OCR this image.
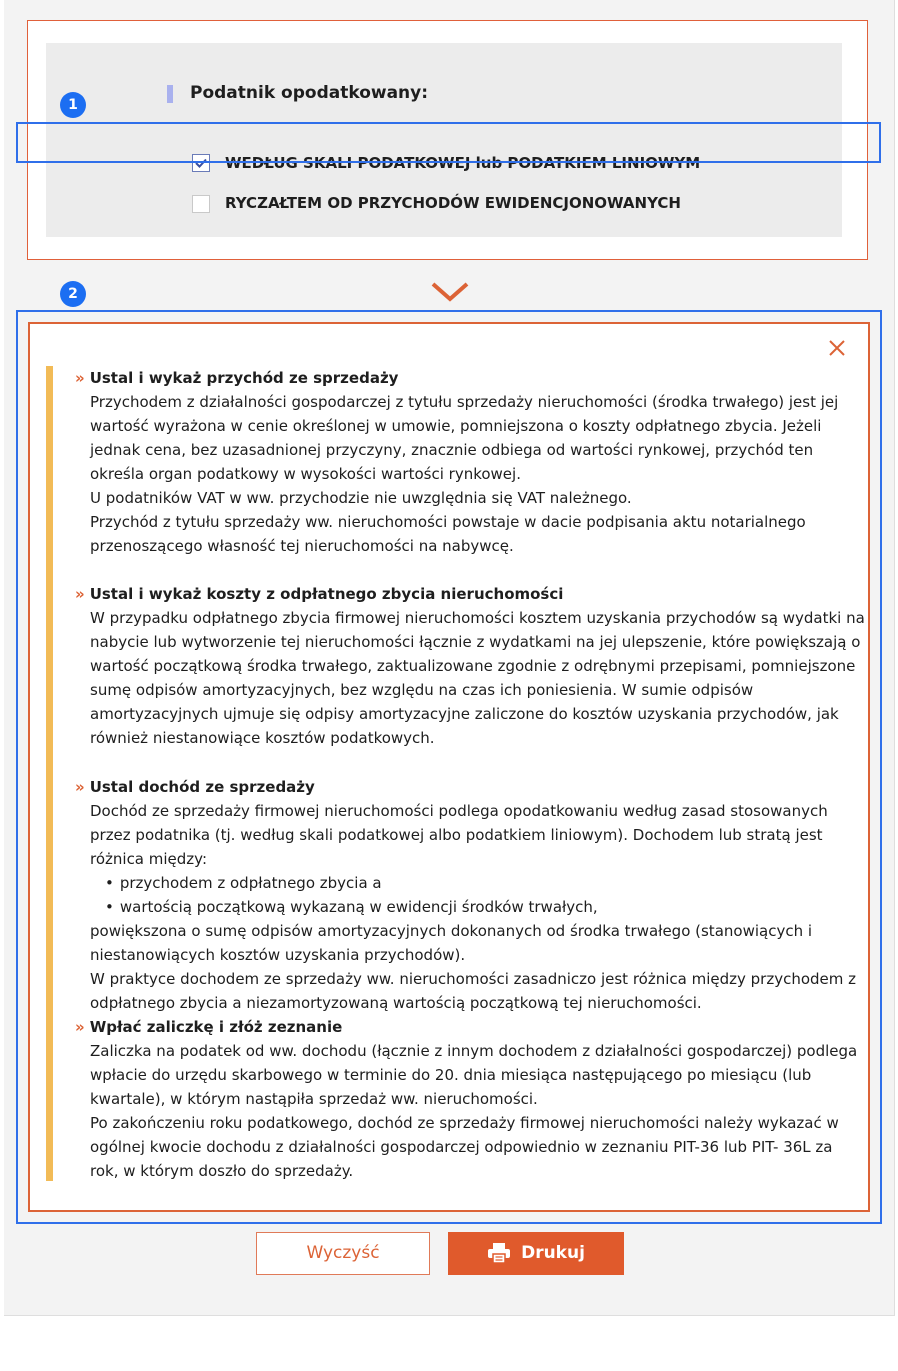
Podatnik opodatkowany:
WEDŁUG SKALI PODATKOWEJ lub PODATKIEM LINIOWYM
RYCZAŁTEM OD PRZYCHODÓW EWIDENCJONOWANYCH
1
2
» Ustal i wykaż przychód ze sprzedaży

Przychodem z działalności gospodarczej z tytułu sprzedaży nieruchomości (środka trwałego) jest jej wartość wyrażona w cenie określonej w umowie, pomniejszona o koszty odpłatnego zbycia. Jeżeli jednak cena, bez uzasadnionej przyczyny, znacznie odbiega od wartości rynkowej, przychód ten określa organ podatkowy w wysokości wartości rynkowej.

U podatników VAT w ww. przychodzie nie uwzględnia się VAT należnego.

Przychód z tytułu sprzedaży ww. nieruchomości powstaje w dacie podpisania aktu notarialnego przenoszącego własność tej nieruchomości na nabywcę.

» Ustal i wykaż koszty z odpłatnego zbycia nieruchomości

W przypadku odpłatnego zbycia firmowej nieruchomości kosztem uzyskania przychodów są wydatki na nabycie lub wytworzenie tej nieruchomości łącznie z wydatkami na jej ulepszenie, które powiększają o wartość początkową środka trwałego, zaktualizowane zgodnie z odrębnymi przepisami, pomniejszone sumę odpisów amortyzacyjnych, bez względu na czas ich poniesienia. W sumie odpisów amortyzacyjnych ujmuje się odpisy amortyzacyjne zaliczone do kosztów uzyskania przychodów, jak również niestanowiące kosztów podatkowych.

» Ustal dochód ze sprzedaży

Dochód ze sprzedaży firmowej nieruchomości podlega opodatkowaniu według zasad stosowanych przez podatnika (tj. według skali podatkowej albo podatkiem liniowym). Dochodem lub stratą jest różnica między:

• przychodem z odpłatnego zbycia a
• wartością początkową wykazaną w ewidencji środków trwałych,

powiększona o sumę odpisów amortyzacyjnych dokonanych od środka trwałego (stanowiących i niestanowiących kosztów uzyskania przychodów).

W praktyce dochodem ze sprzedaży ww. nieruchomości zasadniczo jest różnica między przychodem z odpłatnego zbycia a niezamortyzowaną wartością początkową tej nieruchomości.

» Wpłać zaliczkę i złóż zeznanie

Zaliczka na podatek od ww. dochodu (łącznie z innym dochodem z działalności gospodarczej) podlega wpłacie do urzędu skarbowego w terminie do 20. dnia miesiąca następującego po miesiącu (lub kwartale), w którym nastąpiła sprzedaż ww. nieruchomości.

Po zakończeniu roku podatkowego, dochód ze sprzedaży firmowej nieruchomości należy wykazać w ogólnej kwocie dochodu z działalności gospodarczej odpowiednio w zeznaniu PIT-36 lub PIT- 36L za rok, w którym doszło do sprzedaży.

Wyczyść	Drukuj
